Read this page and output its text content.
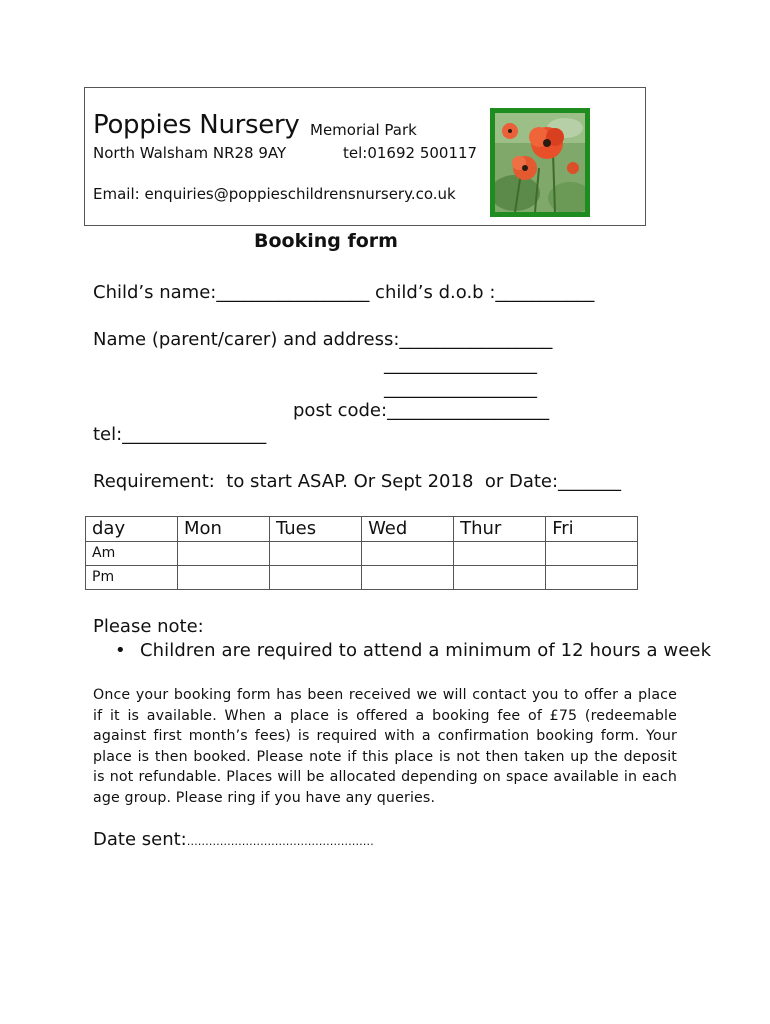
Poppies Nursery Memorial Park
North Walsham NR28 9AY	tel:01692 500117
Email: enquiries@poppieschildrensnursery.co.uk
Booking form
Child’s name:_________________ child’s d.o.b :___________
Name (parent/carer) and address:_________________
_________________
_________________
post code:__________________
tel:________________
Requirement:  to start ASAP. Or Sept 2018  or Date:_______
day	Mon	Tues	Wed	Thur	Fri
Am					
Pm					
Please note:
• Children are required to attend a minimum of 12 hours a week
Once your booking form has been received we will contact you to offer a place if it is available. When a place is offered a booking fee of £75 (redeemable against first month’s fees) is required with a confirmation booking form. Your place is then booked. Please note if this place is not then taken up the deposit is not refundable. Places will be allocated depending on space available in each age group. Please ring if you have any queries.
Date sent:……………………………………………
